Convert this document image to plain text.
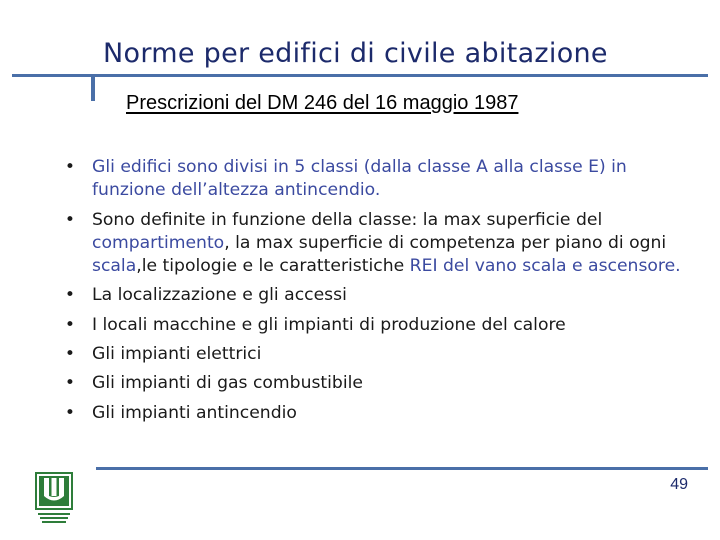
Norme per edifici di civile abitazione
Prescrizioni del DM 246 del 16 maggio 1987
• Gli edifici sono divisi in 5 classi (dalla classe A alla classe E) in funzione dell’altezza antincendio.
• Sono definite in funzione della classe: la max superficie del compartimento, la max superficie di competenza per piano di ogni scala,le tipologie e le caratteristiche REI del vano scala e ascensore.
• La localizzazione e gli accessi
• I locali macchine e gli impianti di produzione del calore
• Gli impianti elettrici
• Gli impianti di gas combustibile
• Gli impianti antincendio
49
